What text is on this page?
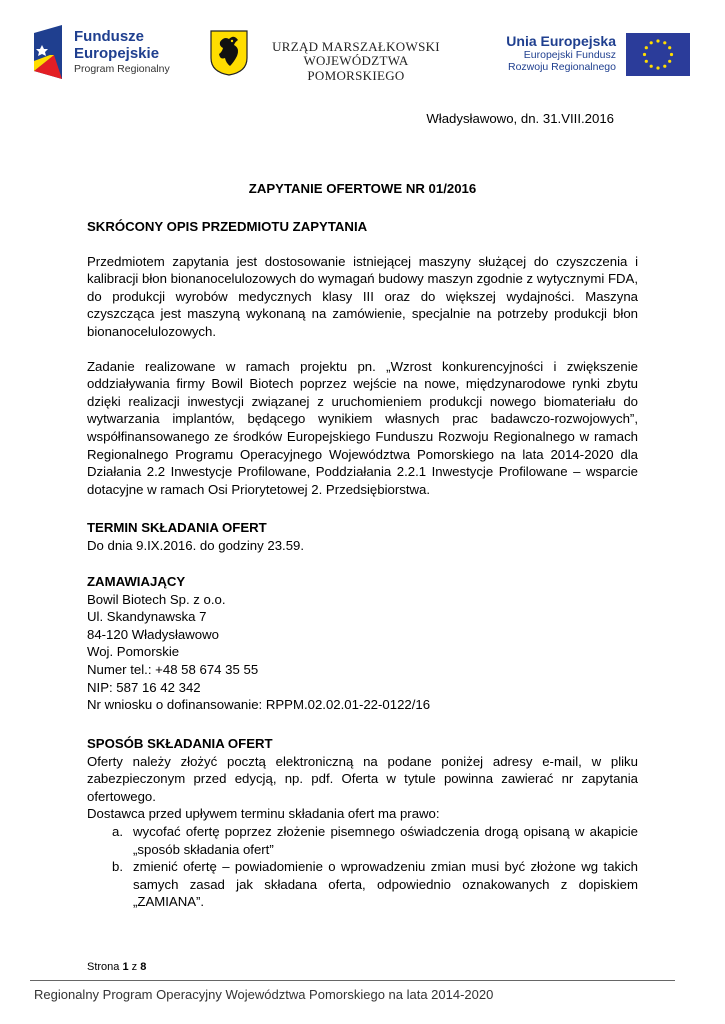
Fundusze
Europejskie
Program Regionalny
URZĄD MARSZAŁKOWSKI
WOJEWÓDZTWA POMORSKIEGO
Unia Europejska
Europejski Fundusz
Rozwoju Regionalnego
Władysławowo, dn. 31.VIII.2016
ZAPYTANIE OFERTOWE NR 01/2016

SKRÓCONY OPIS PRZEDMIOTU ZAPYTANIA

Przedmiotem zapytania jest dostosowanie istniejącej maszyny służącej do czyszczenia i kalibracji błon bionanocelulozowych do wymagań budowy maszyn zgodnie z wytycznymi FDA, do produkcji wyrobów medycznych klasy III oraz do większej wydajności. Maszyna czyszcząca jest maszyną wykonaną na zamówienie, specjalnie na potrzeby produkcji błon bionanocelulozowych.

Zadanie realizowane w ramach projektu pn. „Wzrost konkurencyjności i zwiększenie oddziaływania firmy Bowil Biotech poprzez wejście na nowe, międzynarodowe rynki zbytu dzięki realizacji inwestycji związanej z uruchomieniem produkcji nowego biomateriału do wytwarzania implantów, będącego wynikiem własnych prac badawczo-rozwojowych”, współfinansowanego ze środków Europejskiego Funduszu Rozwoju Regionalnego w ramach Regionalnego Programu Operacyjnego Województwa Pomorskiego na lata 2014-2020 dla Działania 2.2 Inwestycje Profilowane, Poddziałania 2.2.1 Inwestycje Profilowane – wsparcie dotacyjne w ramach Osi Priorytetowej 2. Przedsiębiorstwa.

TERMIN SKŁADANIA OFERT

Do dnia 9.IX.2016. do godziny 23.59.

ZAMAWIAJĄCY

Bowil Biotech Sp. z o.o.
Ul. Skandynawska 7
84-120 Władysławowo
Woj. Pomorskie
Numer tel.: +48 58 674 35 55
NIP: 587 16 42 342
Nr wniosku o dofinansowanie: RPPM.02.02.01-22-0122/16

SPOSÓB SKŁADANIA OFERT

Oferty należy złożyć pocztą elektroniczną na podane poniżej adresy e-mail, w pliku zabezpieczonym przed edycją, np. pdf. Oferta w tytule powinna zawierać nr zapytania ofertowego.

Dostawca przed upływem terminu składania ofert ma prawo:

a. wycofać ofertę poprzez złożenie pisemnego oświadczenia drogą opisaną w akapicie „sposób składania ofert”
b. zmienić ofertę – powiadomienie o wprowadzeniu zmian musi być złożone wg takich samych zasad jak składana oferta, odpowiednio oznakowanych z dopiskiem „ZAMIANA”.
Strona 1 z 8
Regionalny Program Operacyjny Województwa Pomorskiego na lata 2014-2020
